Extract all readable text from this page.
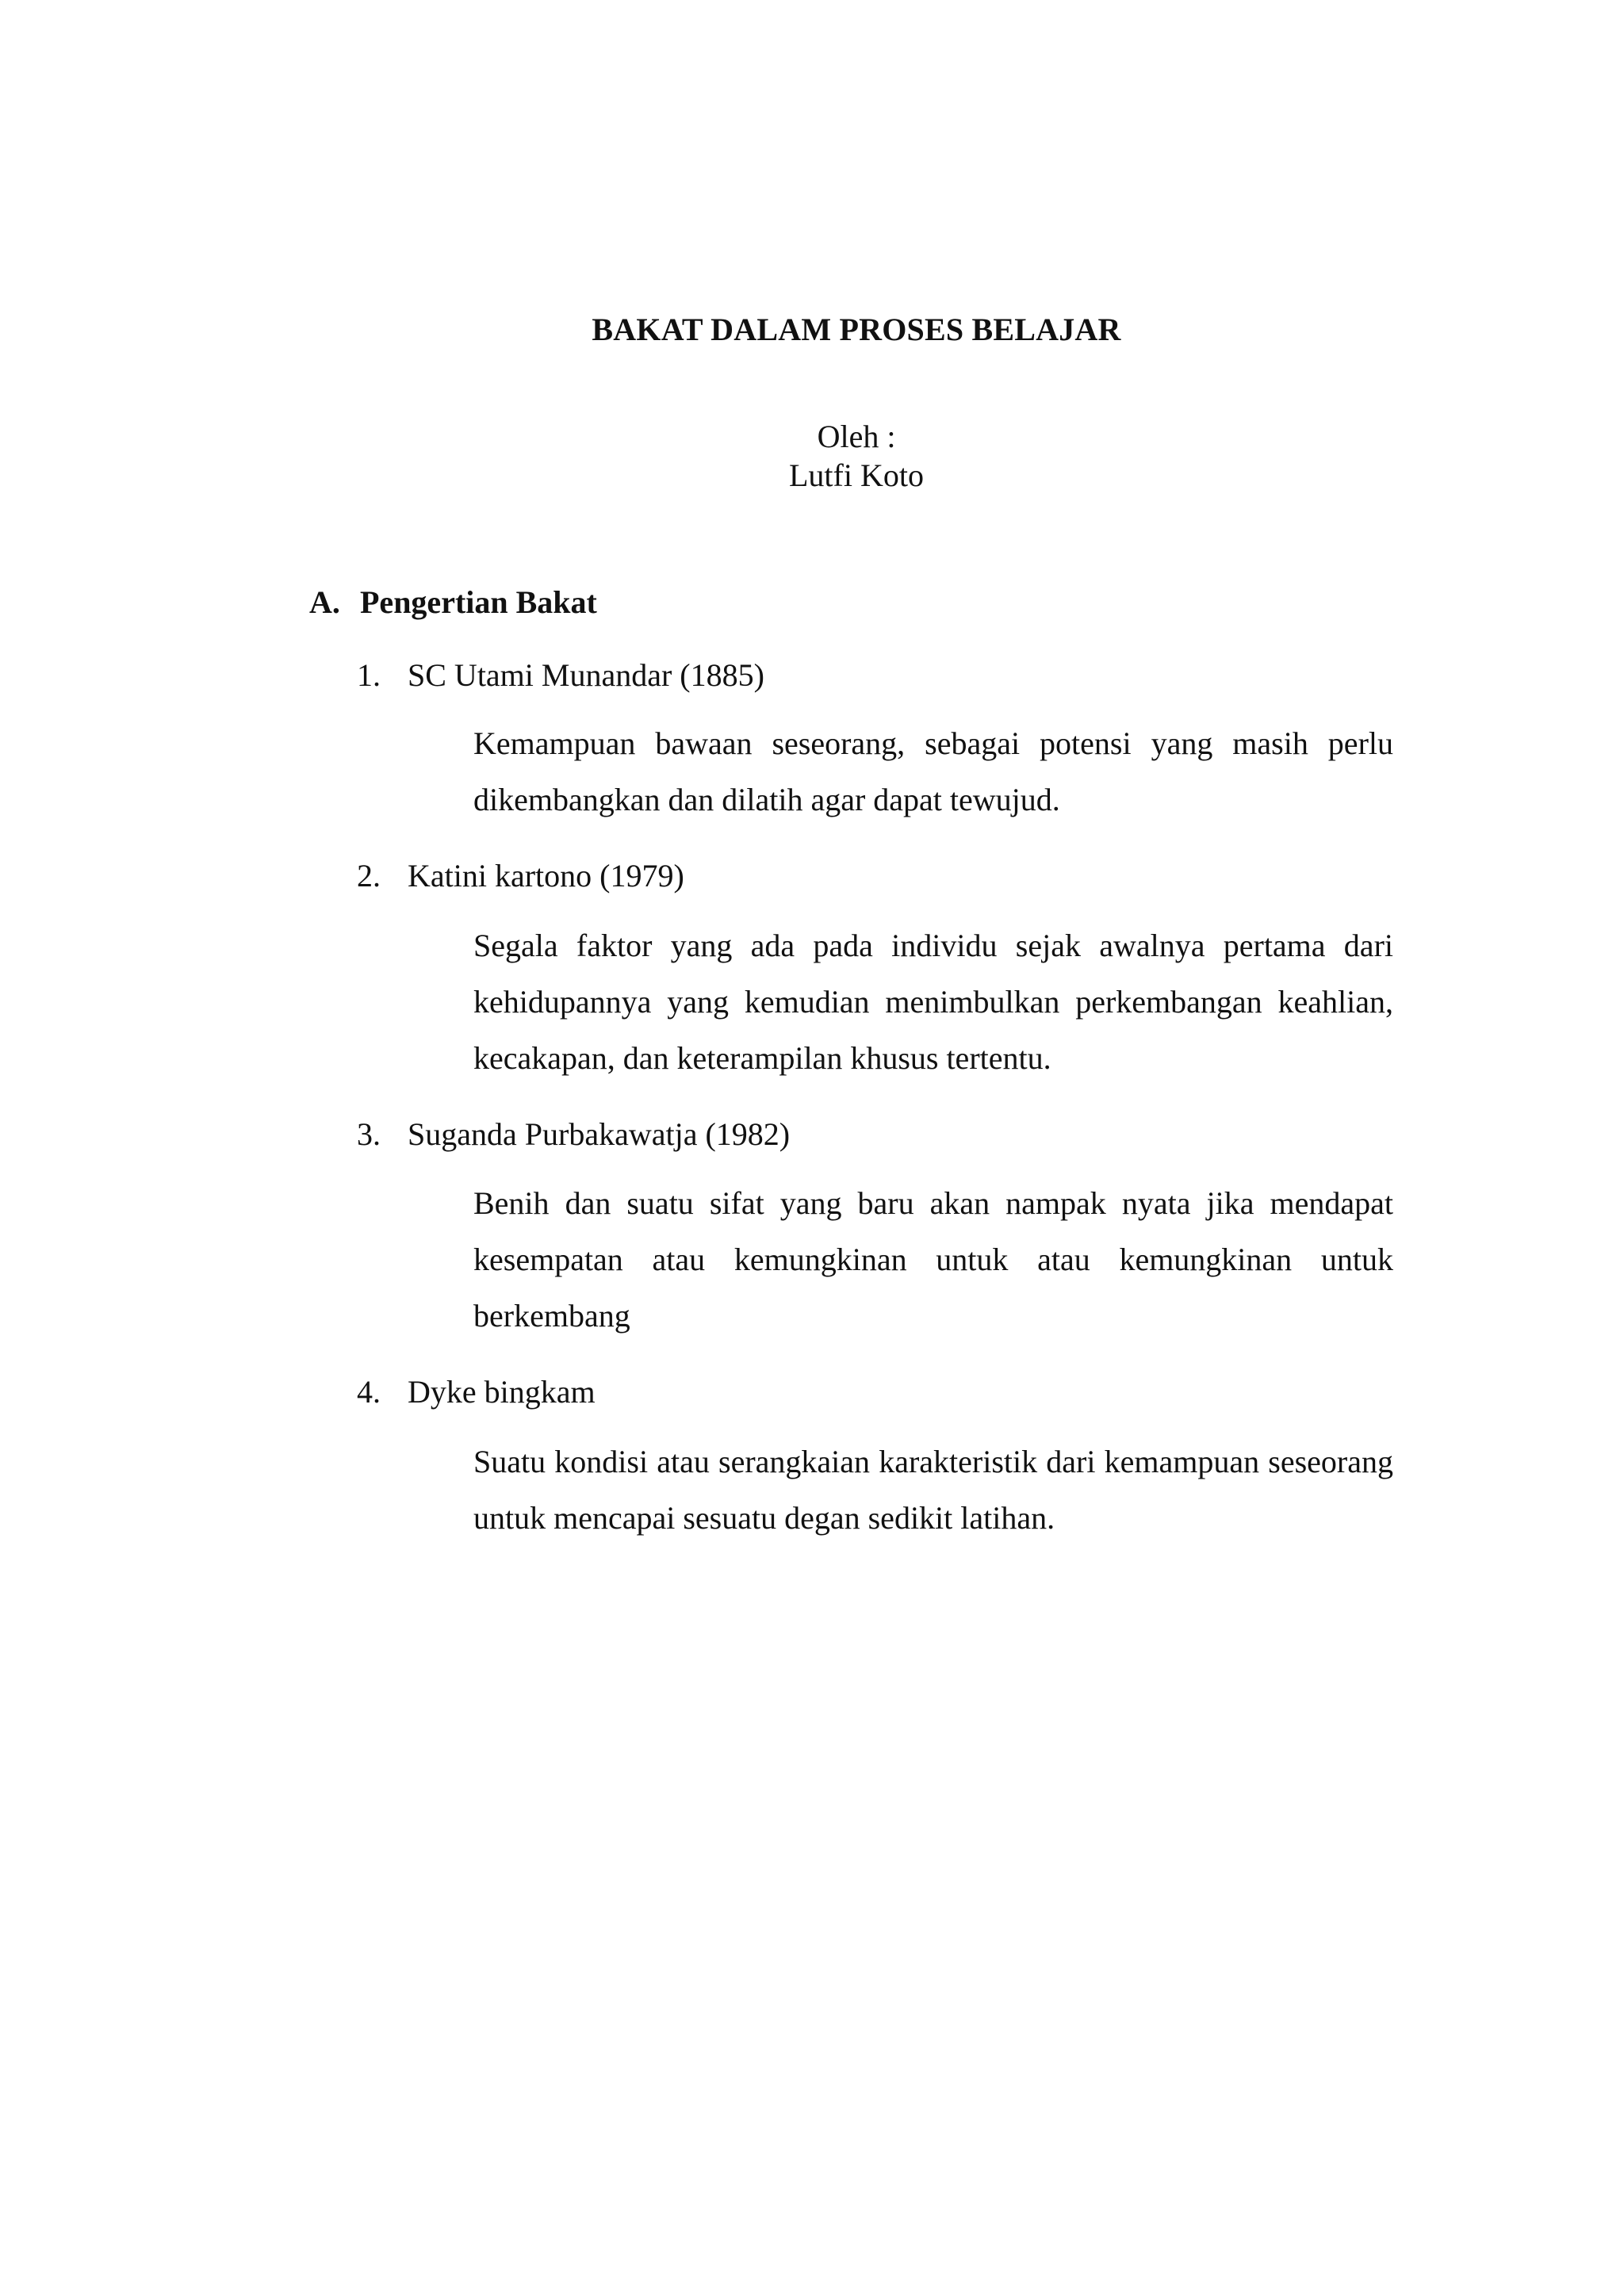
BAKAT DALAM PROSES BELAJAR
Oleh :
Lutfi Koto
A. Pengertian Bakat
1. SC Utami Munandar (1885)
Kemampuan bawaan seseorang, sebagai potensi yang masih perlu dikembangkan dan dilatih agar dapat tewujud.
2. Katini kartono (1979)
Segala faktor yang ada pada individu sejak awalnya pertama dari kehidupannya yang kemudian menimbulkan perkembangan keahlian, kecakapan, dan keterampilan khusus tertentu.
3. Suganda Purbakawatja (1982)
Benih dan suatu sifat yang baru akan nampak nyata jika mendapat kesempatan atau kemungkinan untuk atau kemungkinan untuk berkembang
4. Dyke bingkam
Suatu kondisi atau serangkaian karakteristik dari kemampuan seseorang untuk mencapai sesuatu degan sedikit latihan.
